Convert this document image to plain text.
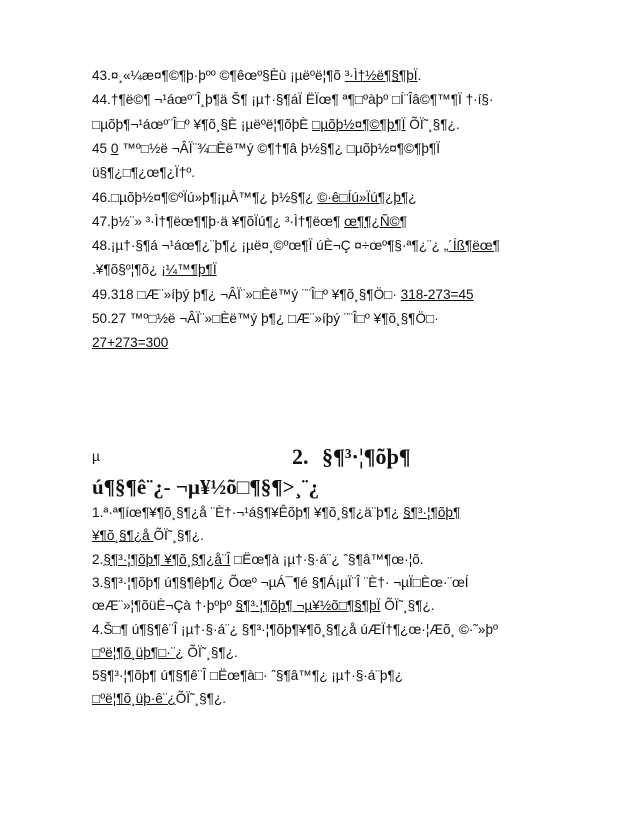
43.¤¸«¼æ¤¶©¶þ·þºº ©¶êœº§Èù ¡µëºë¦¶õ ³·Ì†½ë¶§¶þÏ.
44.†¶ë©¶ ¬¹áœº¨Î¸þ¶ä Š¶ ¡µ†·§¶áÏ ËÏœ¶ ª¶□ºàþº □Í¨Îâ©¶™¶Ï †·í§·
□µõþ¶¬¹áœº¨Î□º ¥¶õ¸§È ¡µëºë¦¶õþÈ □µõþ½¤¶©¶þ¶Ï ÕÏ˜¸§¶¿.
45 0 ™º□½ë ¬ÂÏ¨¾□Èë™ý ©¶†¶â þ½§¶¿ □µõþ½¤¶©¶þ¶Ï
ü§¶¿□¶¿œ¶¿Ï†º.
46.□µõþ½¤¶©ºÏú»þ¶¡µÀ™¶¿ þ½§¶¿ ©·ê□Íú»Ïú¶¿þ¶¿
47.þ½¨» ³·Ì†¶ëœ¶¶þ·ä ¥¶õÏú¶¿ ³·Ì†¶ëœ¶ œ¶¶¿Ñ©¶
48.¡µ†·§¶á ¬¹áœ¶¿¨þ¶¿ ¡µë¤¸©ºœ¶Ï úÈ¬Ç ¤÷œº¶§·ª¶¿¨¿ „´Íß¶ëœ¶
.¥¶õ§º¦¶õ¿ ¡¼™¶þ¶Ï
49.318 □Æ¨»íþý þ¶¿ ¬ÂÏ¨»□Èë™ý ¨¨Î□º ¥¶õ¸§¶Ö□· 318-273=45
50.27 ™º□½ë ¬ÂÏ¨»□Èë™ý þ¶¿ □Æ¨»íþý ¨¨Î□º ¥¶õ¸§¶Ö□·
27+273=300
µ	2. §¶³·¦¶õþ¶
ú¶§¶ê¨¿- ¬µ¥½õ□¶§¶>¸¨¿
1.ª·ª¶íœ¶¥¶õ¸§¶¿å ¨È†·¬¹á§¶¥Êõþ¶ ¥¶õ¸§¶¿ä¨þ¶¿ §¶³·¦¶õþ¶
¥¶õ¸§¶¿å ÕÏ˜¸§¶¿.
2.§¶³·¦¶õþ¶ ¥¶õ¸§¶¿å¨Î □Ëœ¶à ¡µ†·§·á¨¿ ˆ§¶â™¶œ·¦õ.
3.§¶³·¦¶õþ¶ ú¶§¶êþ¶¿ Õœº ¬µÁ¯¶é §¶Á¡µÏ¨Î ¨È†· ¬µÏ□Èœ·¨œÍ
œÆ¨»¦¶õüÈ¬Çà †·þºþº §¶³·¦¶õþ¶ ¬µ¥½õ□¶§¶þÏ ÕÏ˜¸§¶¿.
4.Š□¶ ú¶§¶ê¨Î ¡µ†·§·á¨¿ §¶³·¦¶õþ¶¥¶õ¸§¶¿å úÆÏ†¶¿œ·¦Æõ¸ ©·˜»þº
□ºë¦¶õ¸üþ¶□·¨¿ ÕÏ˜¸§¶¿.
5§¶³·¦¶õþ¶ ú¶§¶ê¨Î □Ëœ¶à□· ˆ§¶â™¶¿ ¡µ†·§·á¨þ¶¿
□ºë¦¶õ¸üþ·ê¨¿ÕÏ˜¸§¶¿.
